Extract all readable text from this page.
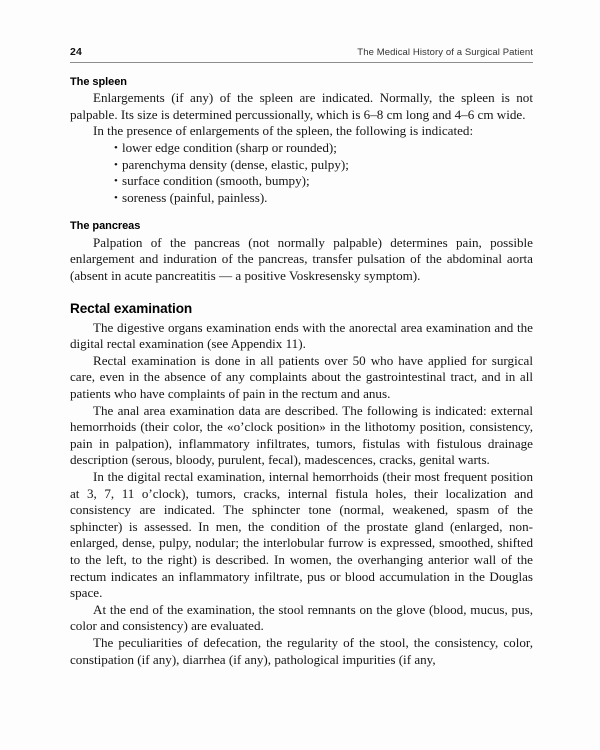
24	The Medical History of a Surgical Patient
The spleen

Enlargements (if any) of the spleen are indicated. Normally, the spleen is not palpable. Its size is determined percussionally, which is 6–8 cm long and 4–6 cm wide.

In the presence of enlargements of the spleen, the following is indicated:

• lower edge condition (sharp or rounded);
• parenchyma density (dense, elastic, pulpy);
• surface condition (smooth, bumpy);
• soreness (painful, painless).
The pancreas

Palpation of the pancreas (not normally palpable) determines pain, possible enlargement and induration of the pancreas, transfer pulsation of the abdominal aorta (absent in acute pancreatitis — a positive Voskresensky symptom).

Rectal examination

The digestive organs examination ends with the anorectal area examination and the digital rectal examination (see Appendix 11).

Rectal examination is done in all patients over 50 who have applied for surgical care, even in the absence of any complaints about the gastrointestinal tract, and in all patients who have complaints of pain in the rectum and anus.

The anal area examination data are described. The following is indicated: external hemorrhoids (their color, the «o’clock position» in the lithotomy position, consistency, pain in palpation), inflammatory infiltrates, tumors, fistulas with fistulous drainage description (serous, bloody, purulent, fecal), madescences, cracks, genital warts.

In the digital rectal examination, internal hemorrhoids (their most frequent position at 3, 7, 11 o’clock), tumors, cracks, internal fistula holes, their localization and consistency are indicated. The sphincter tone (normal, weakened, spasm of the sphincter) is assessed. In men, the condition of the prostate gland (enlarged, non-enlarged, dense, pulpy, nodular; the interlobular furrow is expressed, smoothed, shifted to the left, to the right) is described. In women, the overhanging anterior wall of the rectum indicates an inflammatory infiltrate, pus or blood accumulation in the Douglas space.

At the end of the examination, the stool remnants on the glove (blood, mucus, pus, color and consistency) are evaluated.

The peculiarities of defecation, the regularity of the stool, the consistency, color, constipation (if any), diarrhea (if any), pathological impurities (if any,
